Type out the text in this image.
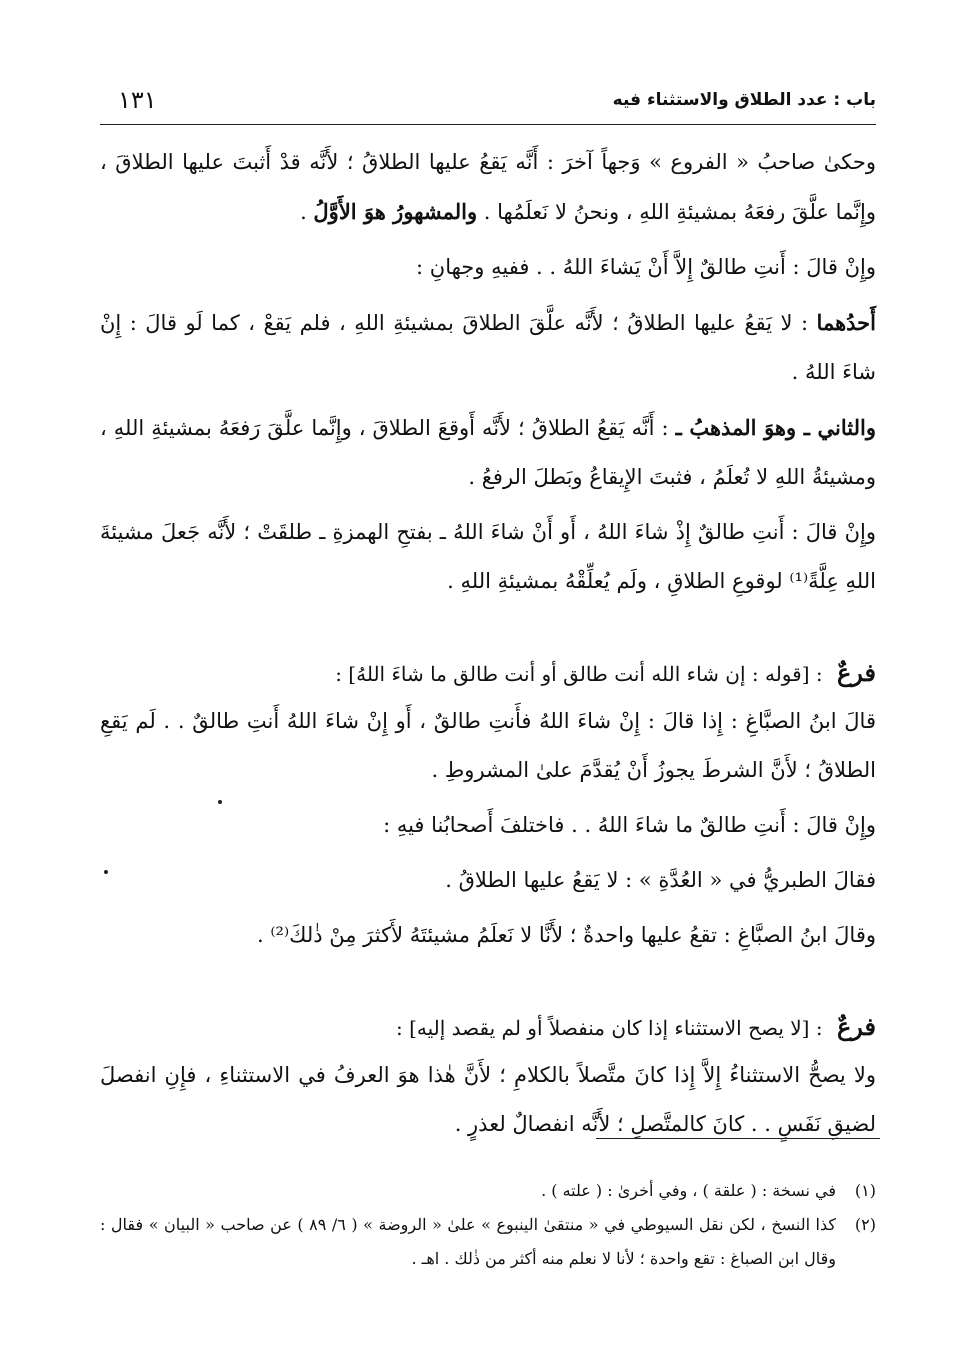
باب : عدد الطلاق والاستثناء فيه
١٣١

وحكىٰ صاحبُ « الفروع » وَجهاً آخرَ : أَنَّه يَقعُ عليها الطلاقُ ؛ لأَنَّه قدْ أَثبتَ عليها الطلاقَ ، وإِنَّما علَّقَ رفعَهُ بمشيئةِ اللهِ ، ونحنُ لا نَعلَمُها . والمشهورُ هوَ الأَوَّلُ .

وإِنْ قالَ : أَنتِ طالقٌ إِلاَّ أَنْ يَشاءَ اللهُ . . ففيهِ وجهانِ :

أَحدُهما : لا يَقعُ عليها الطلاقُ ؛ لأَنَّه علَّقَ الطلاقَ بمشيئةِ اللهِ ، فلم يَقعْ ، كما لَو قالَ : إِنْ شاءَ اللهُ .

والثاني ـ وهوَ المذهبُ ـ : أَنَّه يَقعُ الطلاقُ ؛ لأَنَّه أَوقعَ الطلاقَ ، وإِنَّما علَّقَ رَفعَهُ بمشيئةِ اللهِ ، ومشيئةُ اللهِ لا تُعلَمُ ، فثبتَ الإِيقاعُ وبَطلَ الرفعُ .

وإِنْ قالَ : أَنتِ طالقٌ إِذْ شاءَ اللهُ ، أَو أَنْ شاءَ اللهُ ـ بفتحِ الهمزةِ ـ طلقَتْ ؛ لأَنَّه جَعلَ مشيئةَ اللهِ عِلَّةً⁽¹⁾ لوقوعِ الطلاقِ ، ولَم يُعلِّقْهُ بمشيئةِ اللهِ .

فرعٌ : [قوله : إن شاء الله أنت طالق أو أنت طالق ما شاءَ اللهُ] :

قالَ ابنُ الصبَّاغِ : إِذا قالَ : إِنْ شاءَ اللهُ فأَنتِ طالقٌ ، أَو إِنْ شاءَ اللهُ أَنتِ طالقٌ . . لَم يَقعِ الطلاقُ ؛ لأَنَّ الشرطَ يجوزُ أَنْ يُقدَّمَ علىٰ المشروطِ .

وإِنْ قالَ : أَنتِ طالقٌ ما شاءَ اللهُ . . فاختلفَ أَصحابُنا فيهِ :

فقالَ الطبريُّ في « العُدَّةِ » : لا يَقعُ عليها الطلاقُ .

وقالَ ابنُ الصبَّاغِ : تقعُ عليها واحدةٌ ؛ لأَنَّا لا نَعلَمُ مشيئتَهُ لأَكثرَ مِنْ ذٰلكَ⁽²⁾ .

فرعٌ : [لا يصح الاستثناء إذا كان منفصلاً أو لم يقصد إليه] :

ولا يصحُّ الاستثناءُ إِلاَّ إِذا كانَ متَّصلاً بالكلامِ ؛ لأَنَّ هٰذا هوَ العرفُ في الاستثناءِ ، فإِنِ انفصلَ لضيقِ نَفَسٍ . . كانَ كالمتَّصلِ ؛ لأَنَّه انفصالٌ لعذرٍ .

(١)
في نسخة : ( علقة ) ، وفي أخرىٰ : ( علته ) .
(٢)
كذا النسخ ، لكن نقل السيوطي في « منتقىٰ الينبوع » علىٰ « الروضة » ( ٦/ ٨٩ ) عن صاحب « البيان » فقال : وقال ابن الصباغ : تقع واحدة ؛ لأنا لا نعلم منه أكثر من ذٰلك . اهـ .
